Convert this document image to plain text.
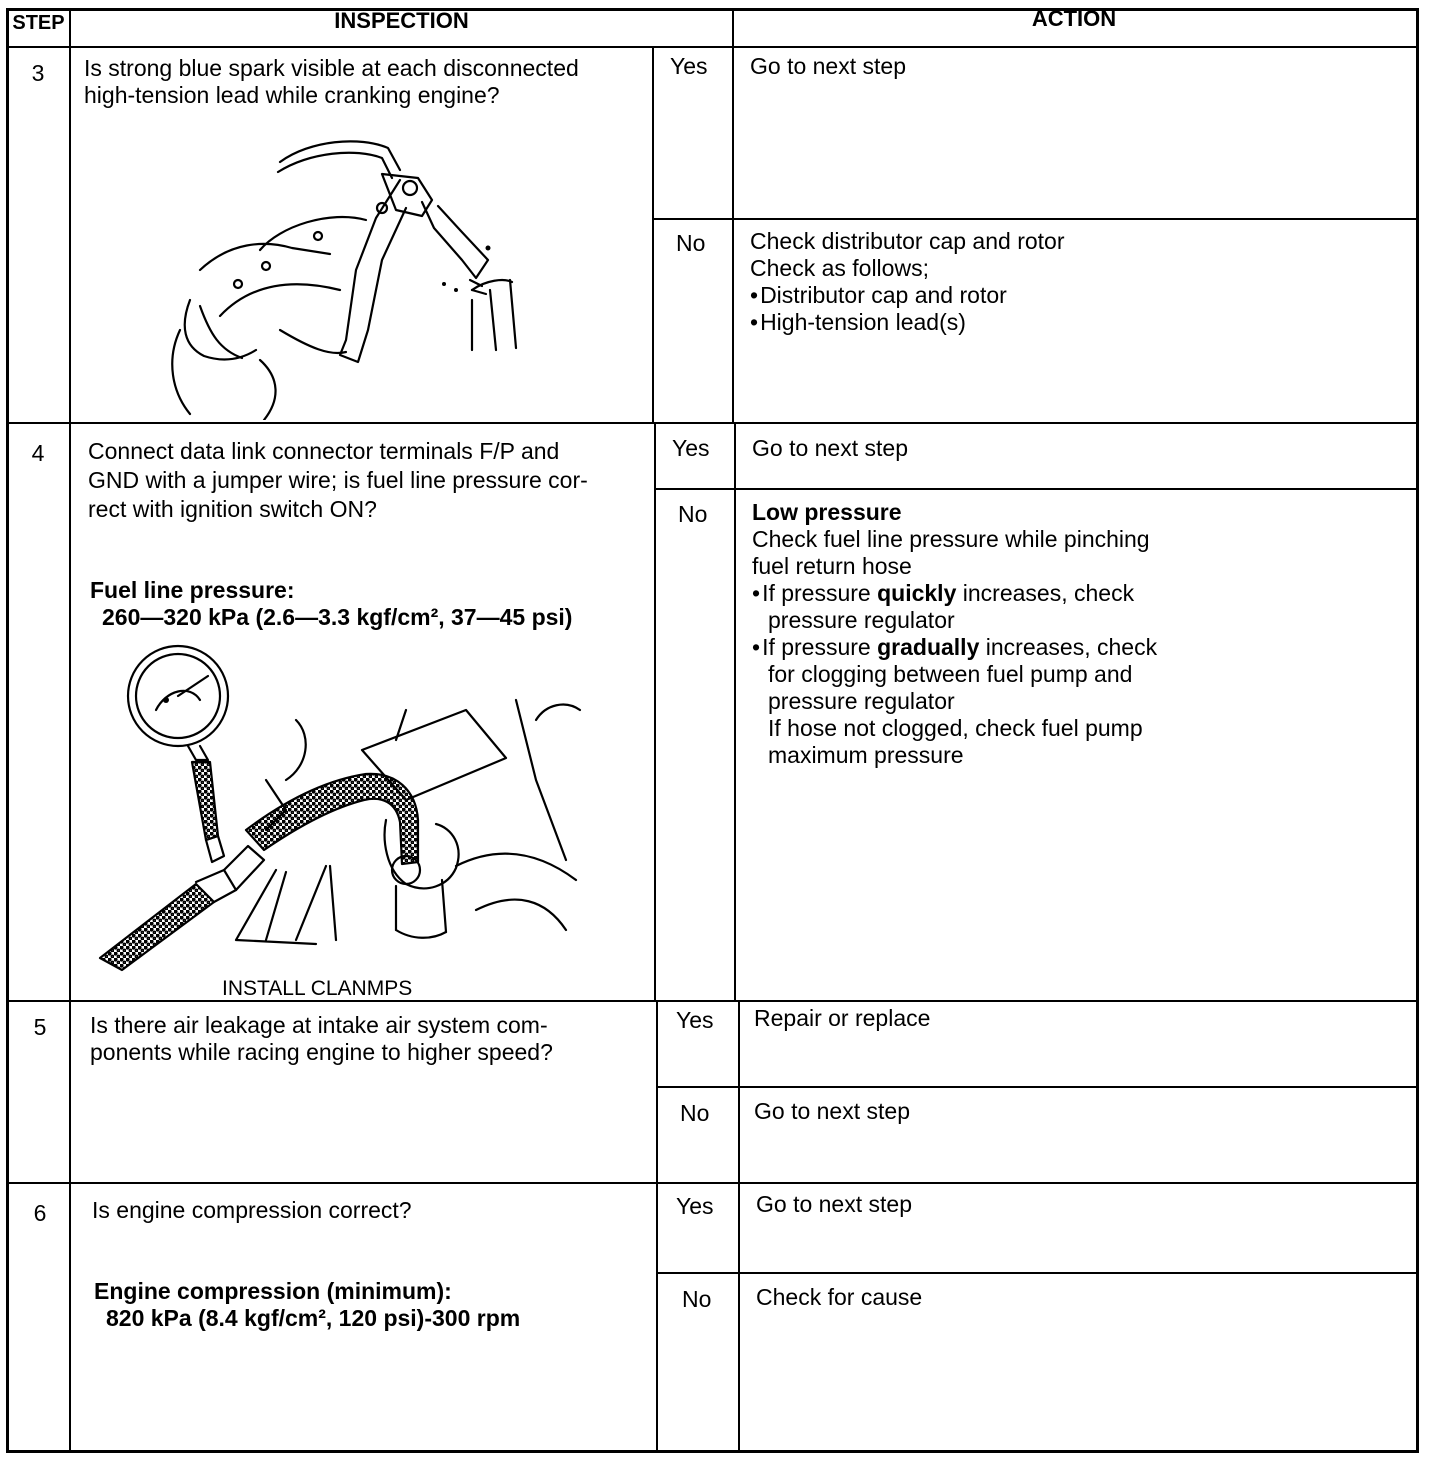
STEP	INSPECTION	ACTION
3	Is strong blue spark visible at each disconnected
high-tension lead while cranking engine?
Yes Go to next step
No Check distributor cap and rotor
Check as follows;
• Distributor cap and rotor
• High-tension lead(s)
4	Connect data link connector terminals F/P and
GND with a jumper wire; is fuel line pressure cor-
rect with ignition switch ON?
Fuel line pressure:
260—320 kPa (2.6—3.3 kgf/cm², 37—45 psi)
INSTALL CLANMPS
Yes Go to next step
No Low pressure
Check fuel line pressure while pinching
fuel return hose
• If pressure quickly increases, check
pressure regulator
• If pressure gradually increases, check
for clogging between fuel pump and
pressure regulator
If hose not clogged, check fuel pump
maximum pressure
5	Is there air leakage at intake air system com-
ponents while racing engine to higher speed?
Yes Repair or replace
No Go to next step
6	Is engine compression correct?
Engine compression (minimum):
820 kPa (8.4 kgf/cm², 120 psi)-300 rpm
Yes Go to next step
No Check for cause
